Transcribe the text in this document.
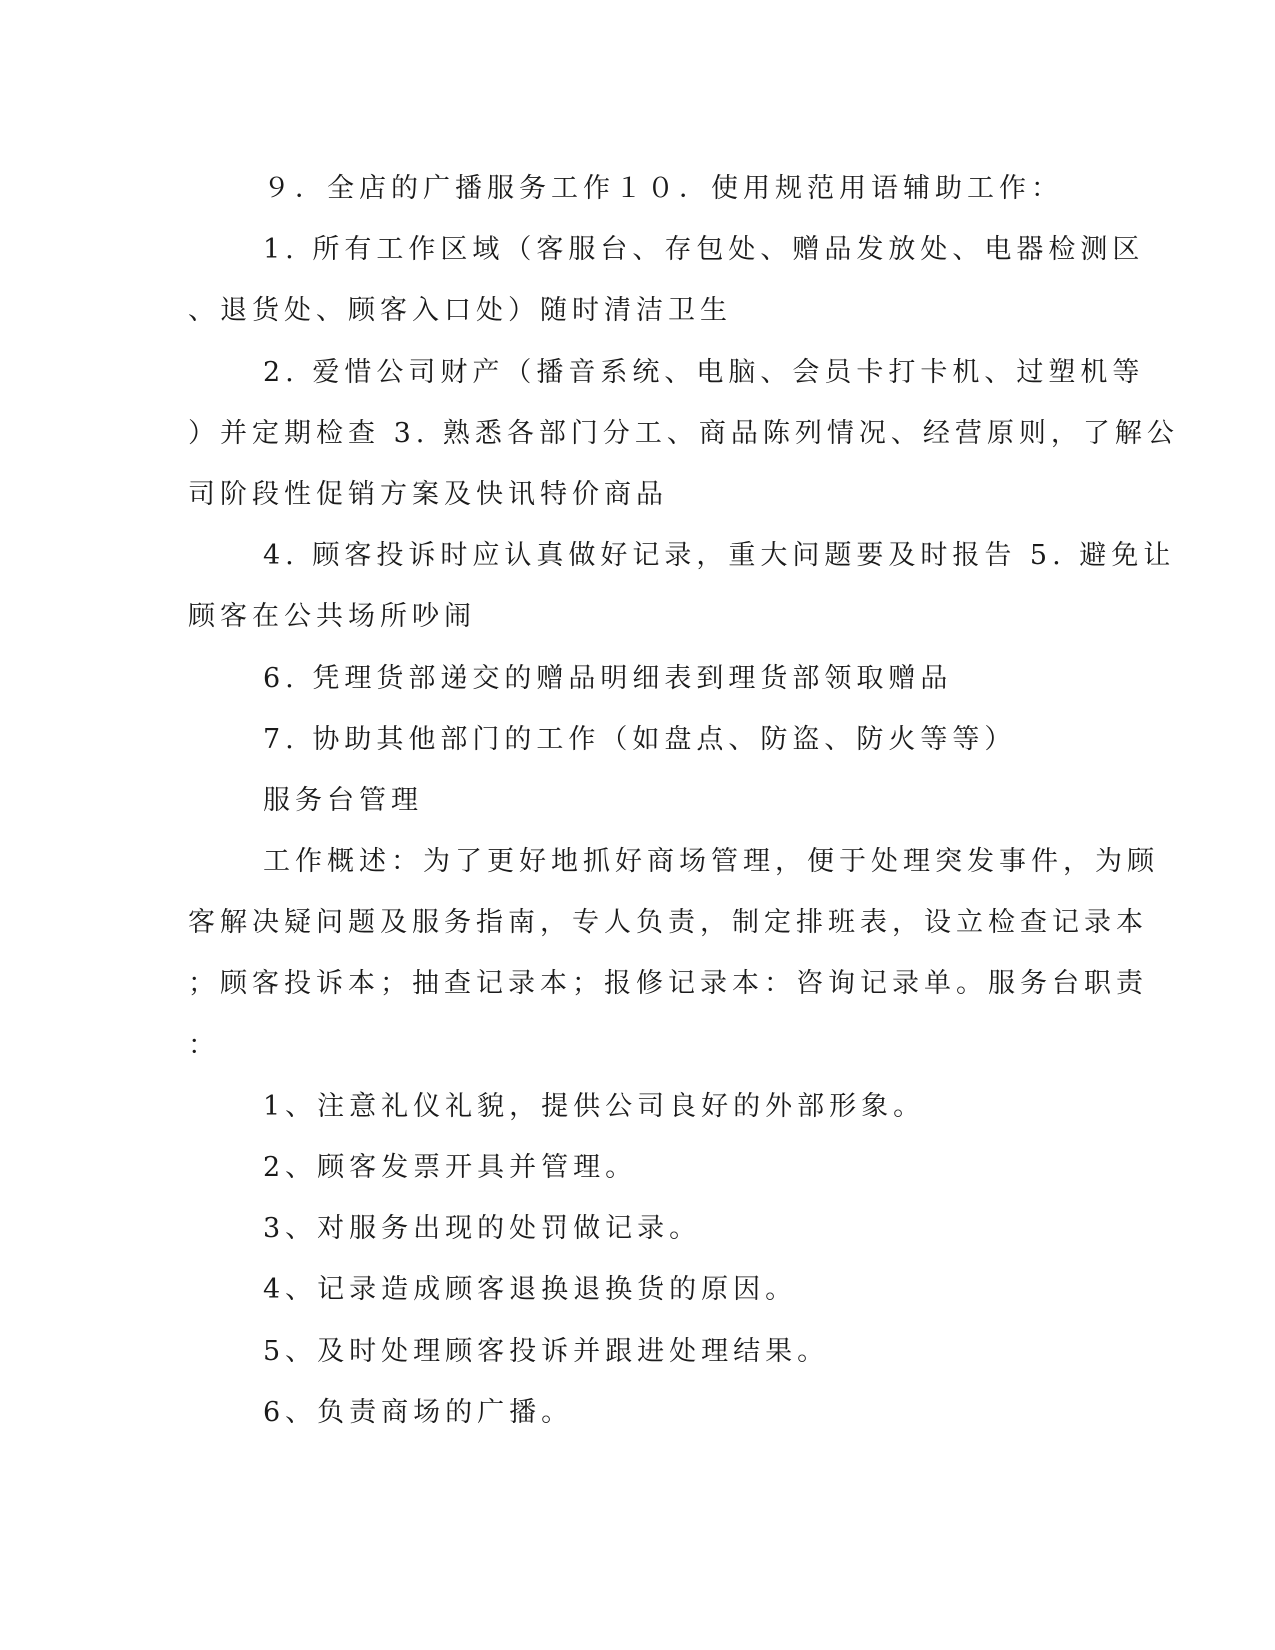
９．全店的广播服务工作１０．使用规范用语辅助工作：
1. 所有工作区域（客服台、存包处、赠品发放处、电器检测区
、退货处、顾客入口处）随时清洁卫生
2. 爱惜公司财产（播音系统、电脑、会员卡打卡机、过塑机等
）并定期检查 3. 熟悉各部门分工、商品陈列情况、经营原则，了解公
司阶段性促销方案及快讯特价商品
4. 顾客投诉时应认真做好记录，重大问题要及时报告 5. 避免让
顾客在公共场所吵闹
6. 凭理货部递交的赠品明细表到理货部领取赠品
7. 协助其他部门的工作（如盘点、防盗、防火等等）
服务台管理
工作概述：为了更好地抓好商场管理，便于处理突发事件，为顾
客解决疑问题及服务指南，专人负责，制定排班表，设立检查记录本
；顾客投诉本；抽查记录本；报修记录本：咨询记录单。服务台职责
：
1、注意礼仪礼貌，提供公司良好的外部形象。
2、顾客发票开具并管理。
3、对服务出现的处罚做记录。
4、记录造成顾客退换退换货的原因。
5、及时处理顾客投诉并跟进处理结果。
6、负责商场的广播。
